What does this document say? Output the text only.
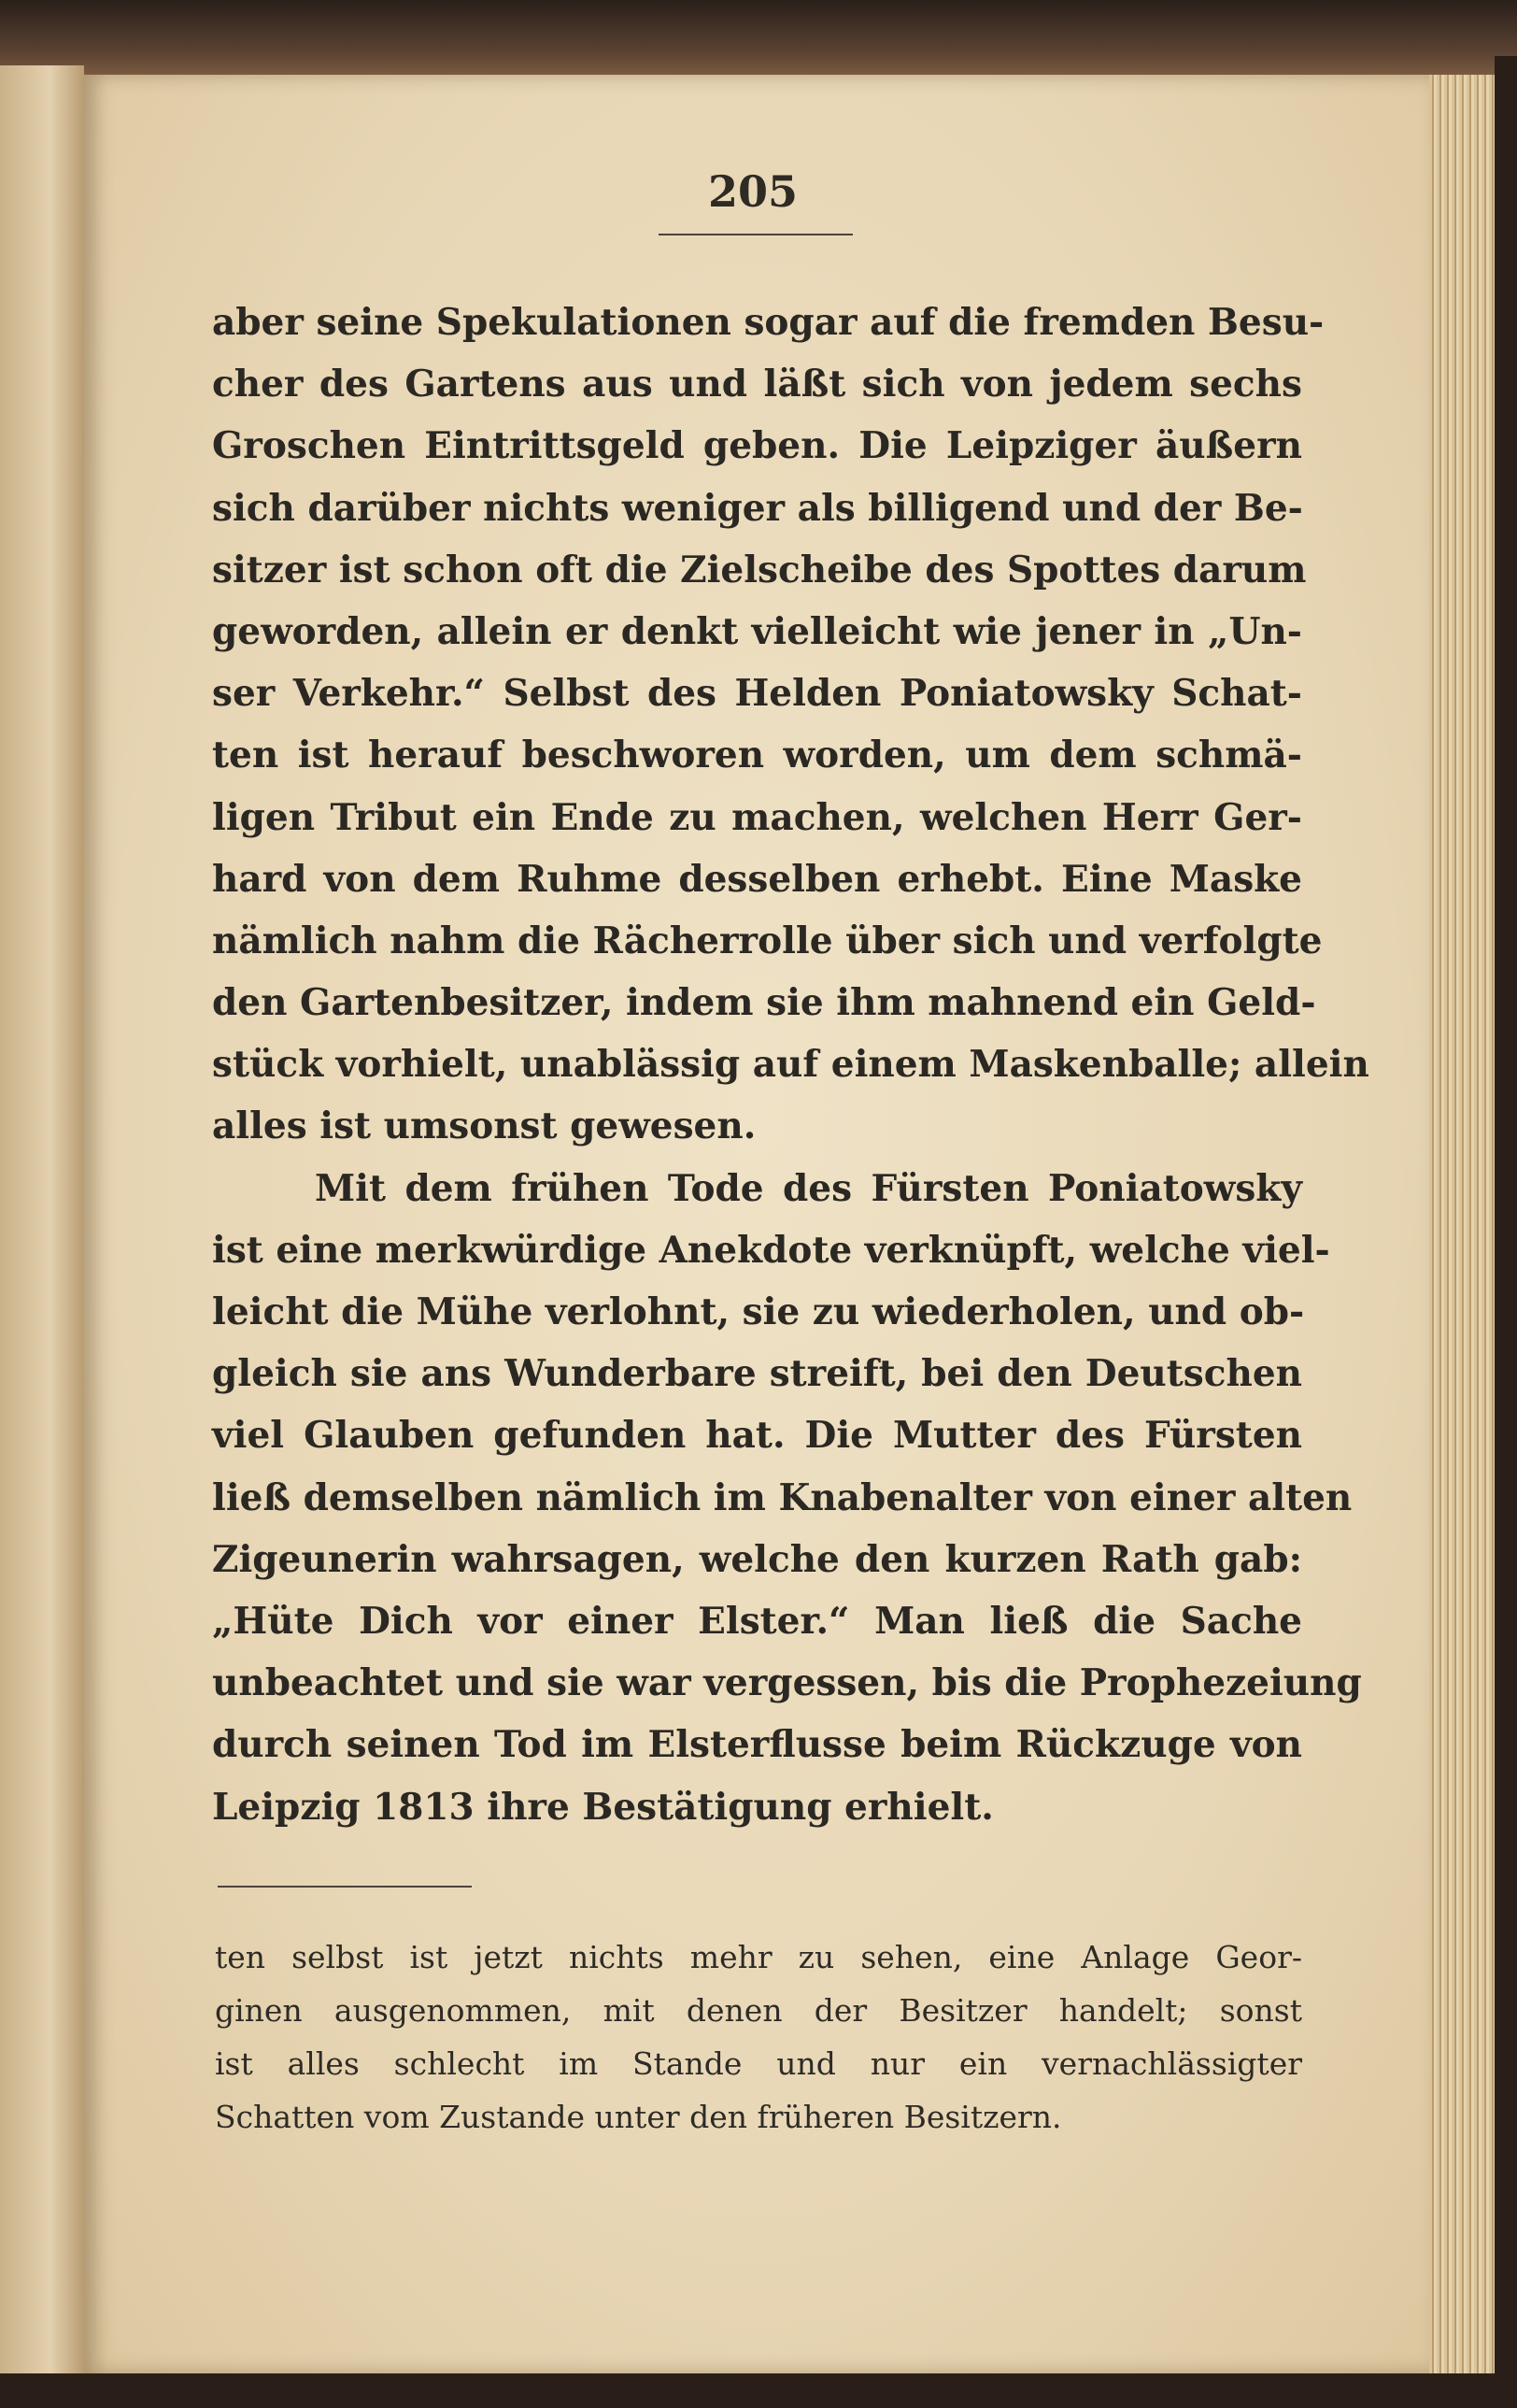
205
aber seine Spekulationen sogar auf die fremden Besu-
cher des Gartens aus und läßt sich von jedem sechs
Groschen Eintrittsgeld geben. Die Leipziger äußern
sich darüber nichts weniger als billigend und der Be-
sitzer ist schon oft die Zielscheibe des Spottes darum
geworden, allein er denkt vielleicht wie jener in „Un-
ser Verkehr.“ Selbst des Helden Poniatowsky Schat-
ten ist herauf beschworen worden, um dem schmä-
ligen Tribut ein Ende zu machen, welchen Herr Ger-
hard von dem Ruhme desselben erhebt. Eine Maske
nämlich nahm die Rächerrolle über sich und verfolgte
den Gartenbesitzer, indem sie ihm mahnend ein Geld-
stück vorhielt, unablässig auf einem Maskenballe; allein
alles ist umsonst gewesen.
Mit dem frühen Tode des Fürsten Poniatowsky
ist eine merkwürdige Anekdote verknüpft, welche viel-
leicht die Mühe verlohnt, sie zu wiederholen, und ob-
gleich sie ans Wunderbare streift, bei den Deutschen
viel Glauben gefunden hat. Die Mutter des Fürsten
ließ demselben nämlich im Knabenalter von einer alten
Zigeunerin wahrsagen, welche den kurzen Rath gab:
„Hüte Dich vor einer Elster.“ Man ließ die Sache
unbeachtet und sie war vergessen, bis die Prophezeiung
durch seinen Tod im Elsterflusse beim Rückzuge von
Leipzig 1813 ihre Bestätigung erhielt.
ten selbst ist jetzt nichts mehr zu sehen, eine Anlage Geor-
ginen ausgenommen, mit denen der Besitzer handelt; sonst
ist alles schlecht im Stande und nur ein vernachlässigter
Schatten vom Zustande unter den früheren Besitzern.
